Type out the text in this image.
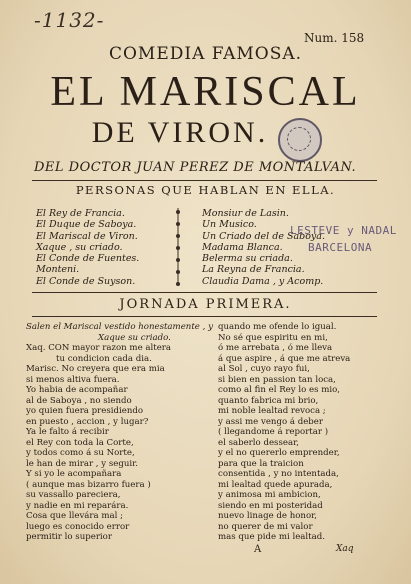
-1132-
Num. 158
COMEDIA FAMOSA.
EL MARISCAL
DE VIRON.
DEL DOCTOR JUAN PEREZ DE MONTALVAN.
PERSONAS QUE HABLAN EN ELLA.
El Rey de Francia.
El Duque de Saboya.
El Mariscal de Viron.
Xaque , su criado.
El Conde de Fuentes.
Monteni.
El Conde de Suyson.
Monsiur de Lasin.
Un Musico.
Un Criado del de Saboya.
Madama Blanca.
Belerma su criada.
La Reyna de Francia.
Claudia Dama , y Acomp.
LESTEVE y NADAL
BARCELONA
JORNADA PRIMERA.
Salen el Mariscal vestido honestamente , y
Xaque su criado.
Xaq. CON mayor razon me altera
tu condicion cada dia.
Marisc. No creyera que era mia
si menos altiva fuera.
Yo habia de acompañar
al de Saboya , no siendo
yo quien fuera presidiendo
en puesto , accion , y lugar?
Ya le falto á recibir
el Rey con toda la Corte,
y todos como á su Norte,
le han de mirar , y seguir.
Y si yo le acompañara
( aunque mas bizarro fuera )
su vassallo pareciera,
y nadie en mi reparára.
Cosa que llevára mal ;
luego es conocido error
permitir lo superior
quando me ofende lo igual.
No sé que espiritu en mi,
ó me arrebata , ó me lleva
á que aspire , á que me atreva
al Sol , cuyo rayo fui,
si bien en passion tan loca,
como al fin el Rey lo es mio,
quanto fabrica mi brio,
mi noble lealtad revoca ;
y assi me vengo á deber
( llegandome á reportar )
el saberlo dessear,
y el no quererlo emprender,
para que la traicion
consentida , y no intentada,
mi lealtad quede apurada,
y animosa mi ambicion,
siendo en mi posteridad
nuevo linage de honor,
no querer de mi valor
mas que pide mi lealtad.
A	Xaq
